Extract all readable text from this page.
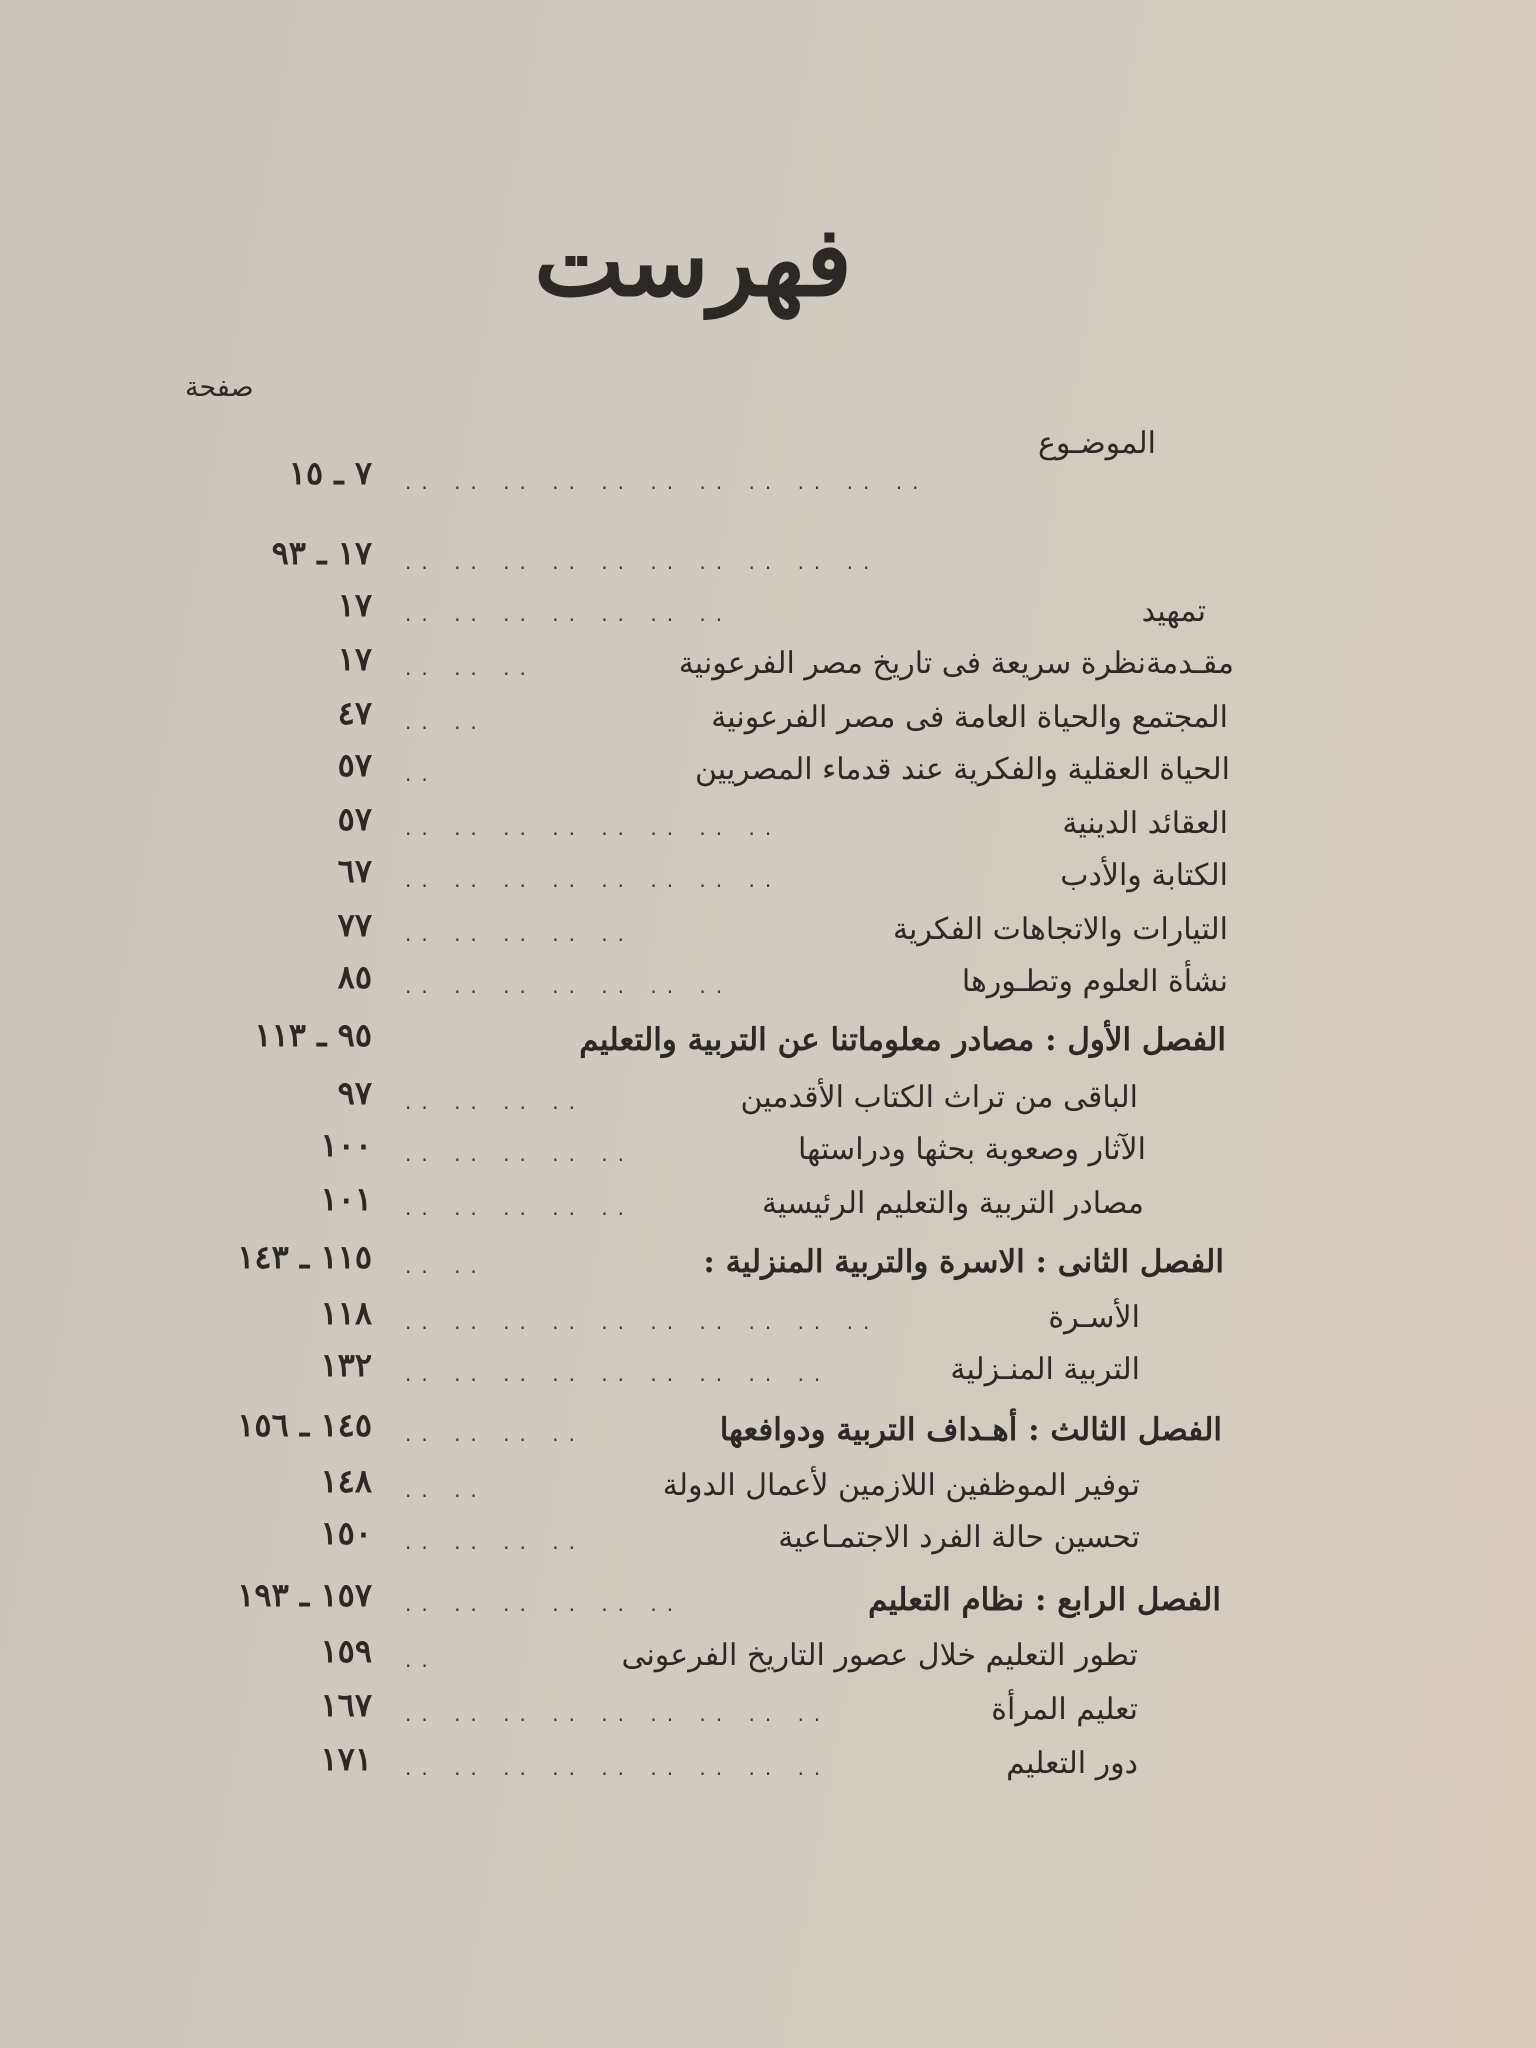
فهرست
صفحة
الموضـوع
.. .. .. .. .. .. .. .. .. .. ..
٧ ـ ١٥
تمهيد
.. .. .. .. .. .. .. .. .. ..
١٧ ـ ٩٣
مقـدمة
.. .. .. .. .. .. ..
١٧
نظرة سريعة فى تاريخ مصر الفرعونية
.. .. ..
١٧
المجتمع والحياة العامة فى مصر الفرعونية
.. ..
٤٧
الحياة العقلية والفكرية عند قدماء المصريين
..
٥٧
العقائد الدينية
.. .. .. .. .. .. .. ..
٥٧
الكتابة والأدب
.. .. .. .. .. .. .. ..
٦٧
التيارات والاتجاهات الفكرية
.. .. .. .. ..
٧٧
نشأة العلوم وتطـورها
.. .. .. .. .. .. ..
٨٥
الفصل الأول : مصادر معلوماتنا عن التربية والتعليم
٩٥ ـ ١١٣
الباقى من تراث الكتاب الأقدمين
.. .. .. ..
٩٧
الآثار وصعوبة بحثها ودراستها
.. .. .. .. ..
١٠٠
مصادر التربية والتعليم الرئيسية
.. .. .. .. ..
١٠١
الفصل الثانى : الاسرة والتربية المنزلية :
.. ..
١١٥ ـ ١٤٣
الأسـرة
.. .. .. .. .. .. .. .. .. ..
١١٨
التربية المنـزلية
.. .. .. .. .. .. .. .. ..
١٣٢
الفصل الثالث : أهـداف التربية ودوافعها
.. .. .. ..
١٤٥ ـ ١٥٦
توفير الموظفين اللازمين لأعمال الدولة
.. ..
١٤٨
تحسين حالة الفرد الاجتمـاعية
.. .. .. ..
١٥٠
الفصل الرابع : نظام التعليم
.. .. .. .. .. ..
١٥٧ ـ ١٩٣
تطور التعليم خلال عصور التاريخ الفرعونى
..
١٥٩
تعليم المرأة
.. .. .. .. .. .. .. .. ..
١٦٧
دور التعليم
.. .. .. .. .. .. .. .. ..
١٧١
